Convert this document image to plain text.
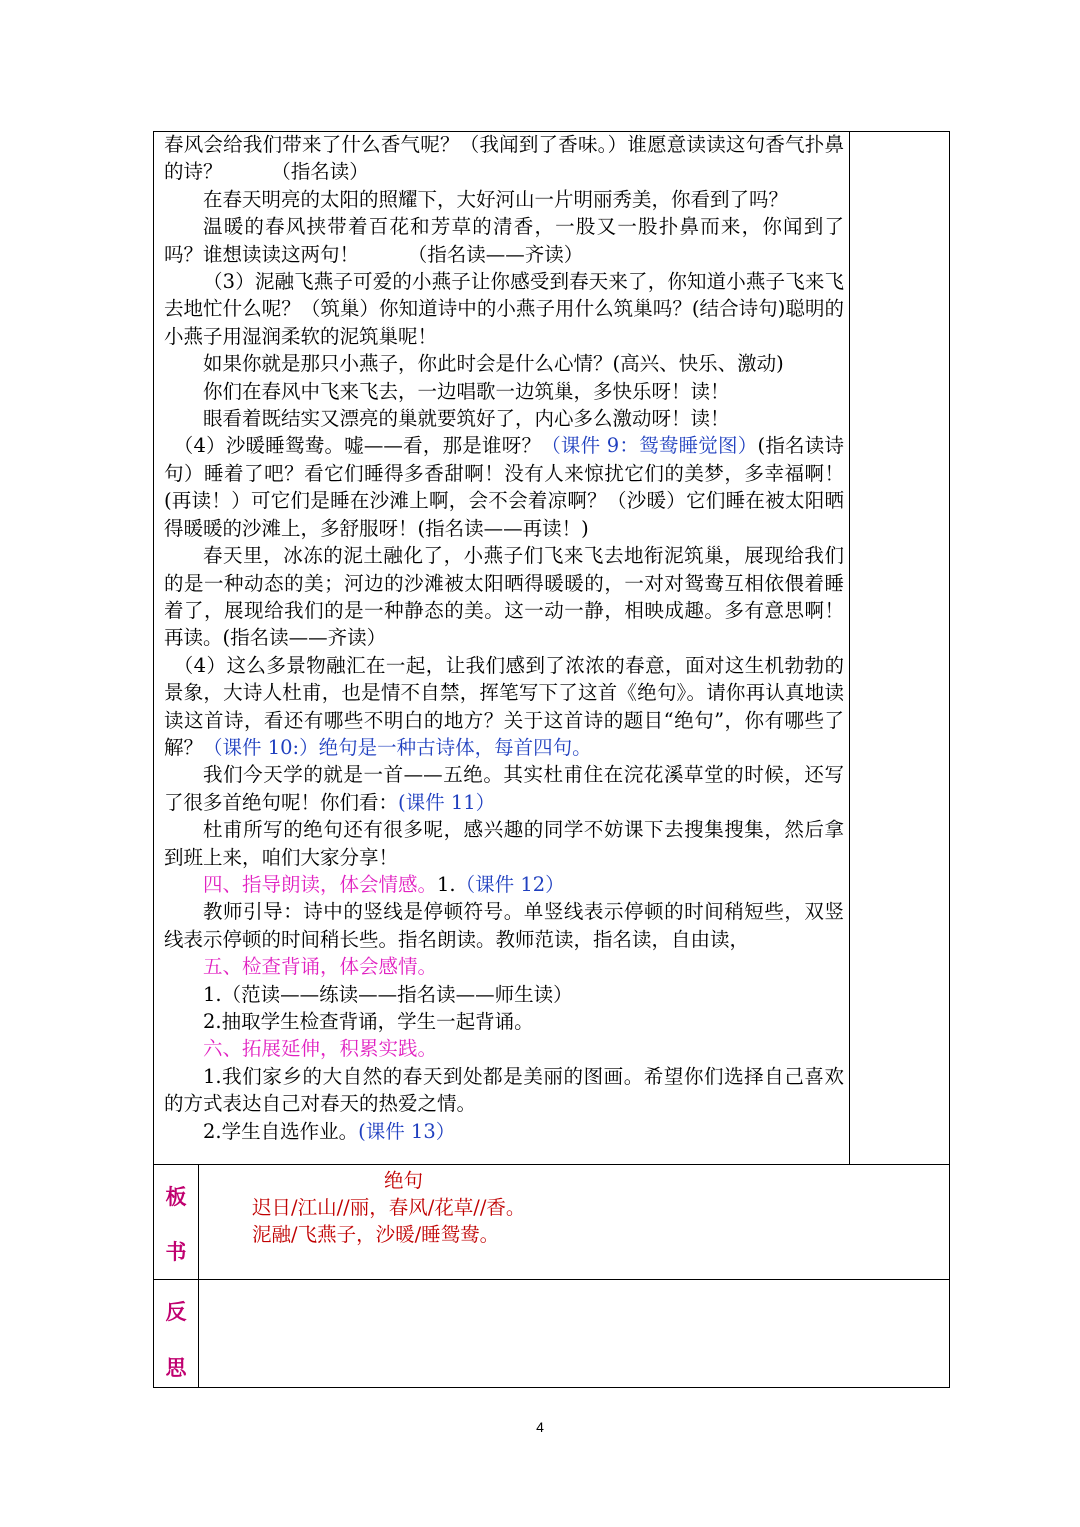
春风会给我们带来了什么香气呢？（我闻到了香味。）谁愿意读读这句香气扑鼻的诗？　　　（指名读）

在春天明亮的太阳的照耀下，大好河山一片明丽秀美，你看到了吗？

温暖的春风挟带着百花和芳草的清香，一股又一股扑鼻而来，你闻到了吗？谁想读读这两句！　　　（指名读——齐读）

（3）泥融飞燕子可爱的小燕子让你感受到春天来了，你知道小燕子飞来飞去地忙什么呢？（筑巢）你知道诗中的小燕子用什么筑巢吗？(结合诗句)聪明的小燕子用湿润柔软的泥筑巢呢！

如果你就是那只小燕子，你此时会是什么心情？(高兴、快乐、激动)

你们在春风中飞来飞去，一边唱歌一边筑巢，多快乐呀！读！

眼看着既结实又漂亮的巢就要筑好了，内心多么激动呀！读！

（4）沙暖睡鸳鸯。嘘——看，那是谁呀？（课件 9：鸳鸯睡觉图）(指名读诗句）睡着了吧？看它们睡得多香甜啊！没有人来惊扰它们的美梦，多幸福啊！(再读！）可它们是睡在沙滩上啊，会不会着凉啊？（沙暖）它们睡在被太阳晒得暖暖的沙滩上，多舒服呀！(指名读——再读！)

春天里，冰冻的泥土融化了，小燕子们飞来飞去地衔泥筑巢，展现给我们的是一种动态的美；河边的沙滩被太阳晒得暖暖的，一对对鸳鸯互相依偎着睡着了，展现给我们的是一种静态的美。这一动一静，相映成趣。多有意思啊！再读。(指名读——齐读）

（4）这么多景物融汇在一起，让我们感到了浓浓的春意，面对这生机勃勃的景象，大诗人杜甫，也是情不自禁，挥笔写下了这首《绝句》。请你再认真地读读这首诗，看还有哪些不明白的地方？关于这首诗的题目“绝句”，你有哪些了解？（课件 10:）绝句是一种古诗体，每首四句。

我们今天学的就是一首——五绝。其实杜甫住在浣花溪草堂的时候，还写了很多首绝句呢！你们看：(课件 11）

杜甫所写的绝句还有很多呢，感兴趣的同学不妨课下去搜集搜集，然后拿到班上来，咱们大家分享！

四、指导朗读，体会情感。1.（课件 12）

教师引导：诗中的竖线是停顿符号。单竖线表示停顿的时间稍短些，双竖线表示停顿的时间稍长些。指名朗读。教师范读，指名读，自由读，

五、检查背诵，体会感情。

1.（范读——练读——指名读——师生读）

2.抽取学生检查背诵，学生一起背诵。

六、拓展延伸，积累实践。

1.我们家乡的大自然的春天到处都是美丽的图画。希望你们选择自己喜欢的方式表达自己对春天的热爱之情。

2.学生自选作业。(课件 13）

板
书
绝句
迟日/江山//丽，春风/花草//香。
泥融/飞燕子，沙暖/睡鸳鸯。
反
思
4
